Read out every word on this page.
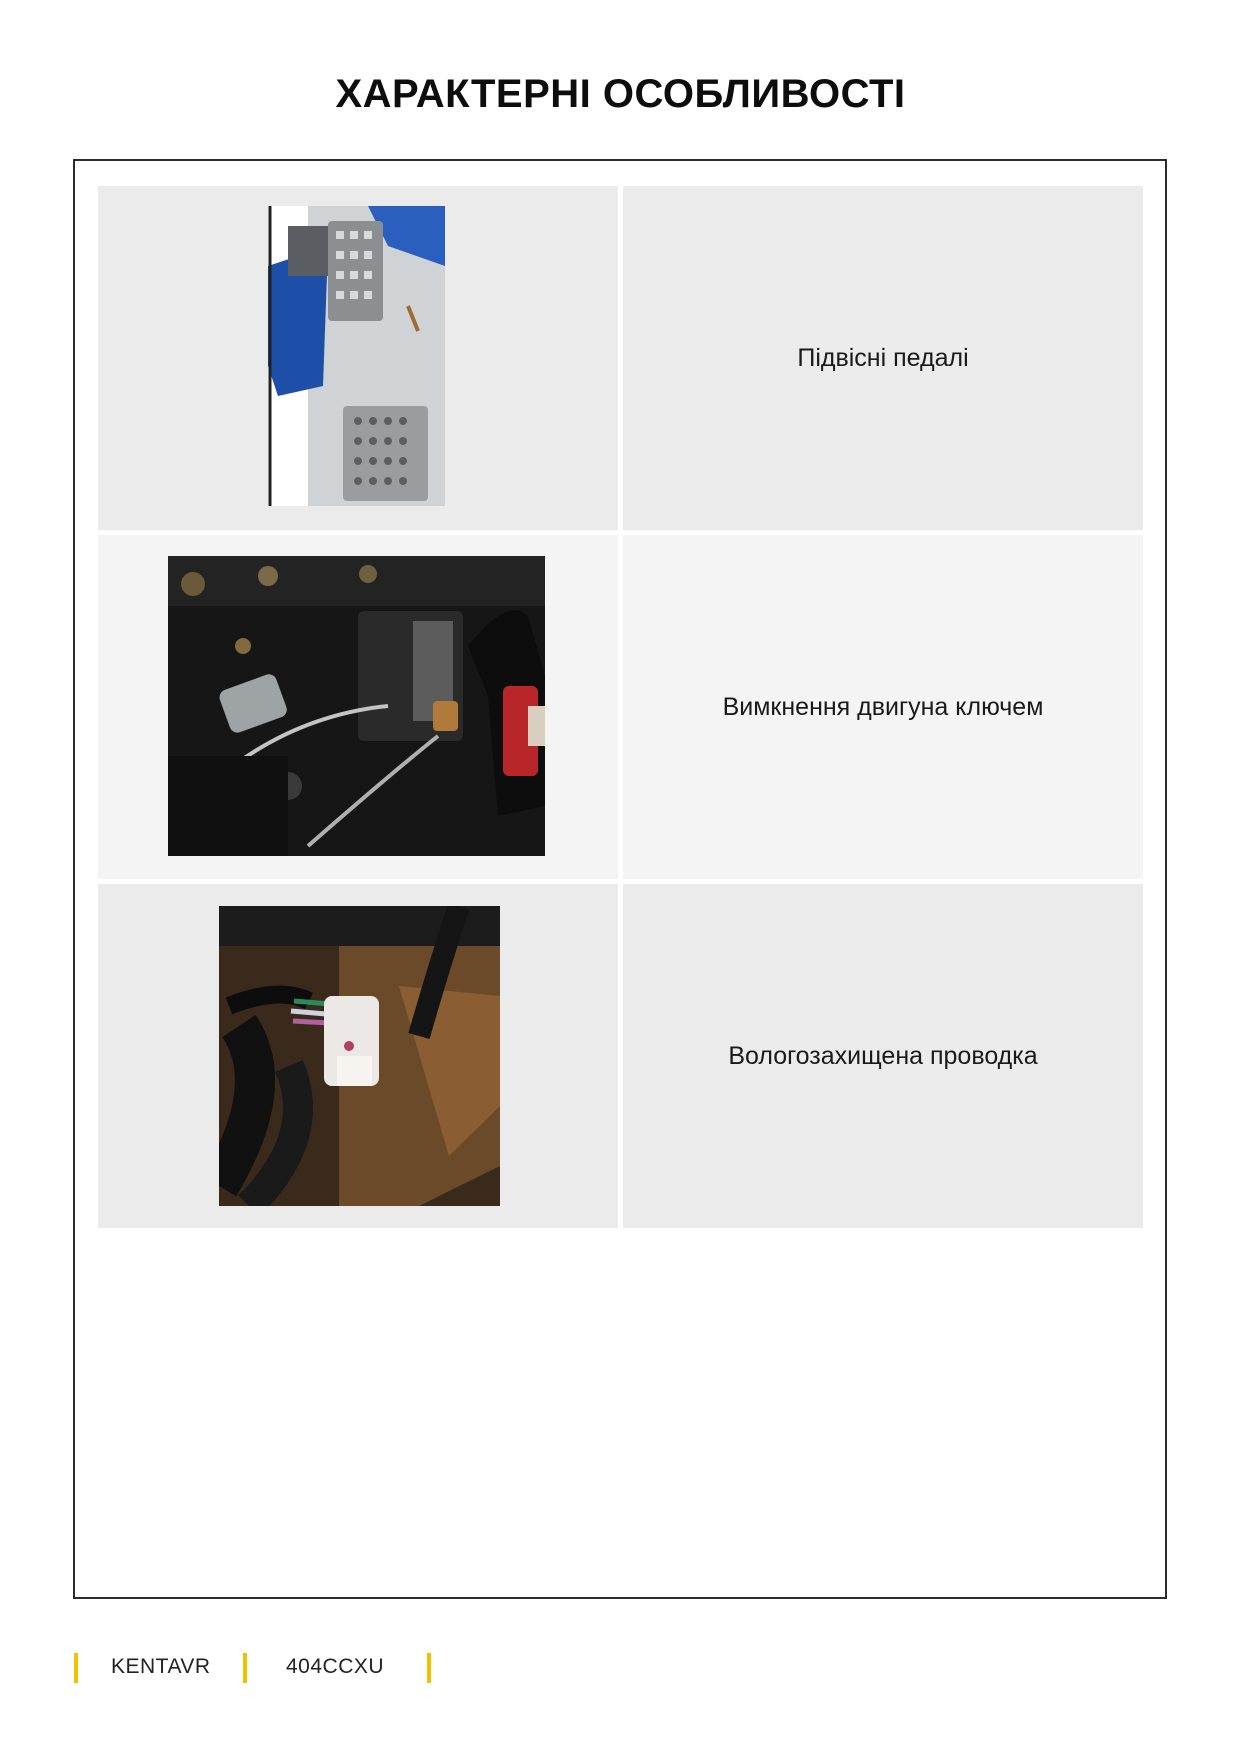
ХАРАКТЕРНІ ОСОБЛИВОСТІ
Підвісні педалі
Вимкнення двигуна ключем
Вологозахищена проводка
KENTAVR	404CCXU
